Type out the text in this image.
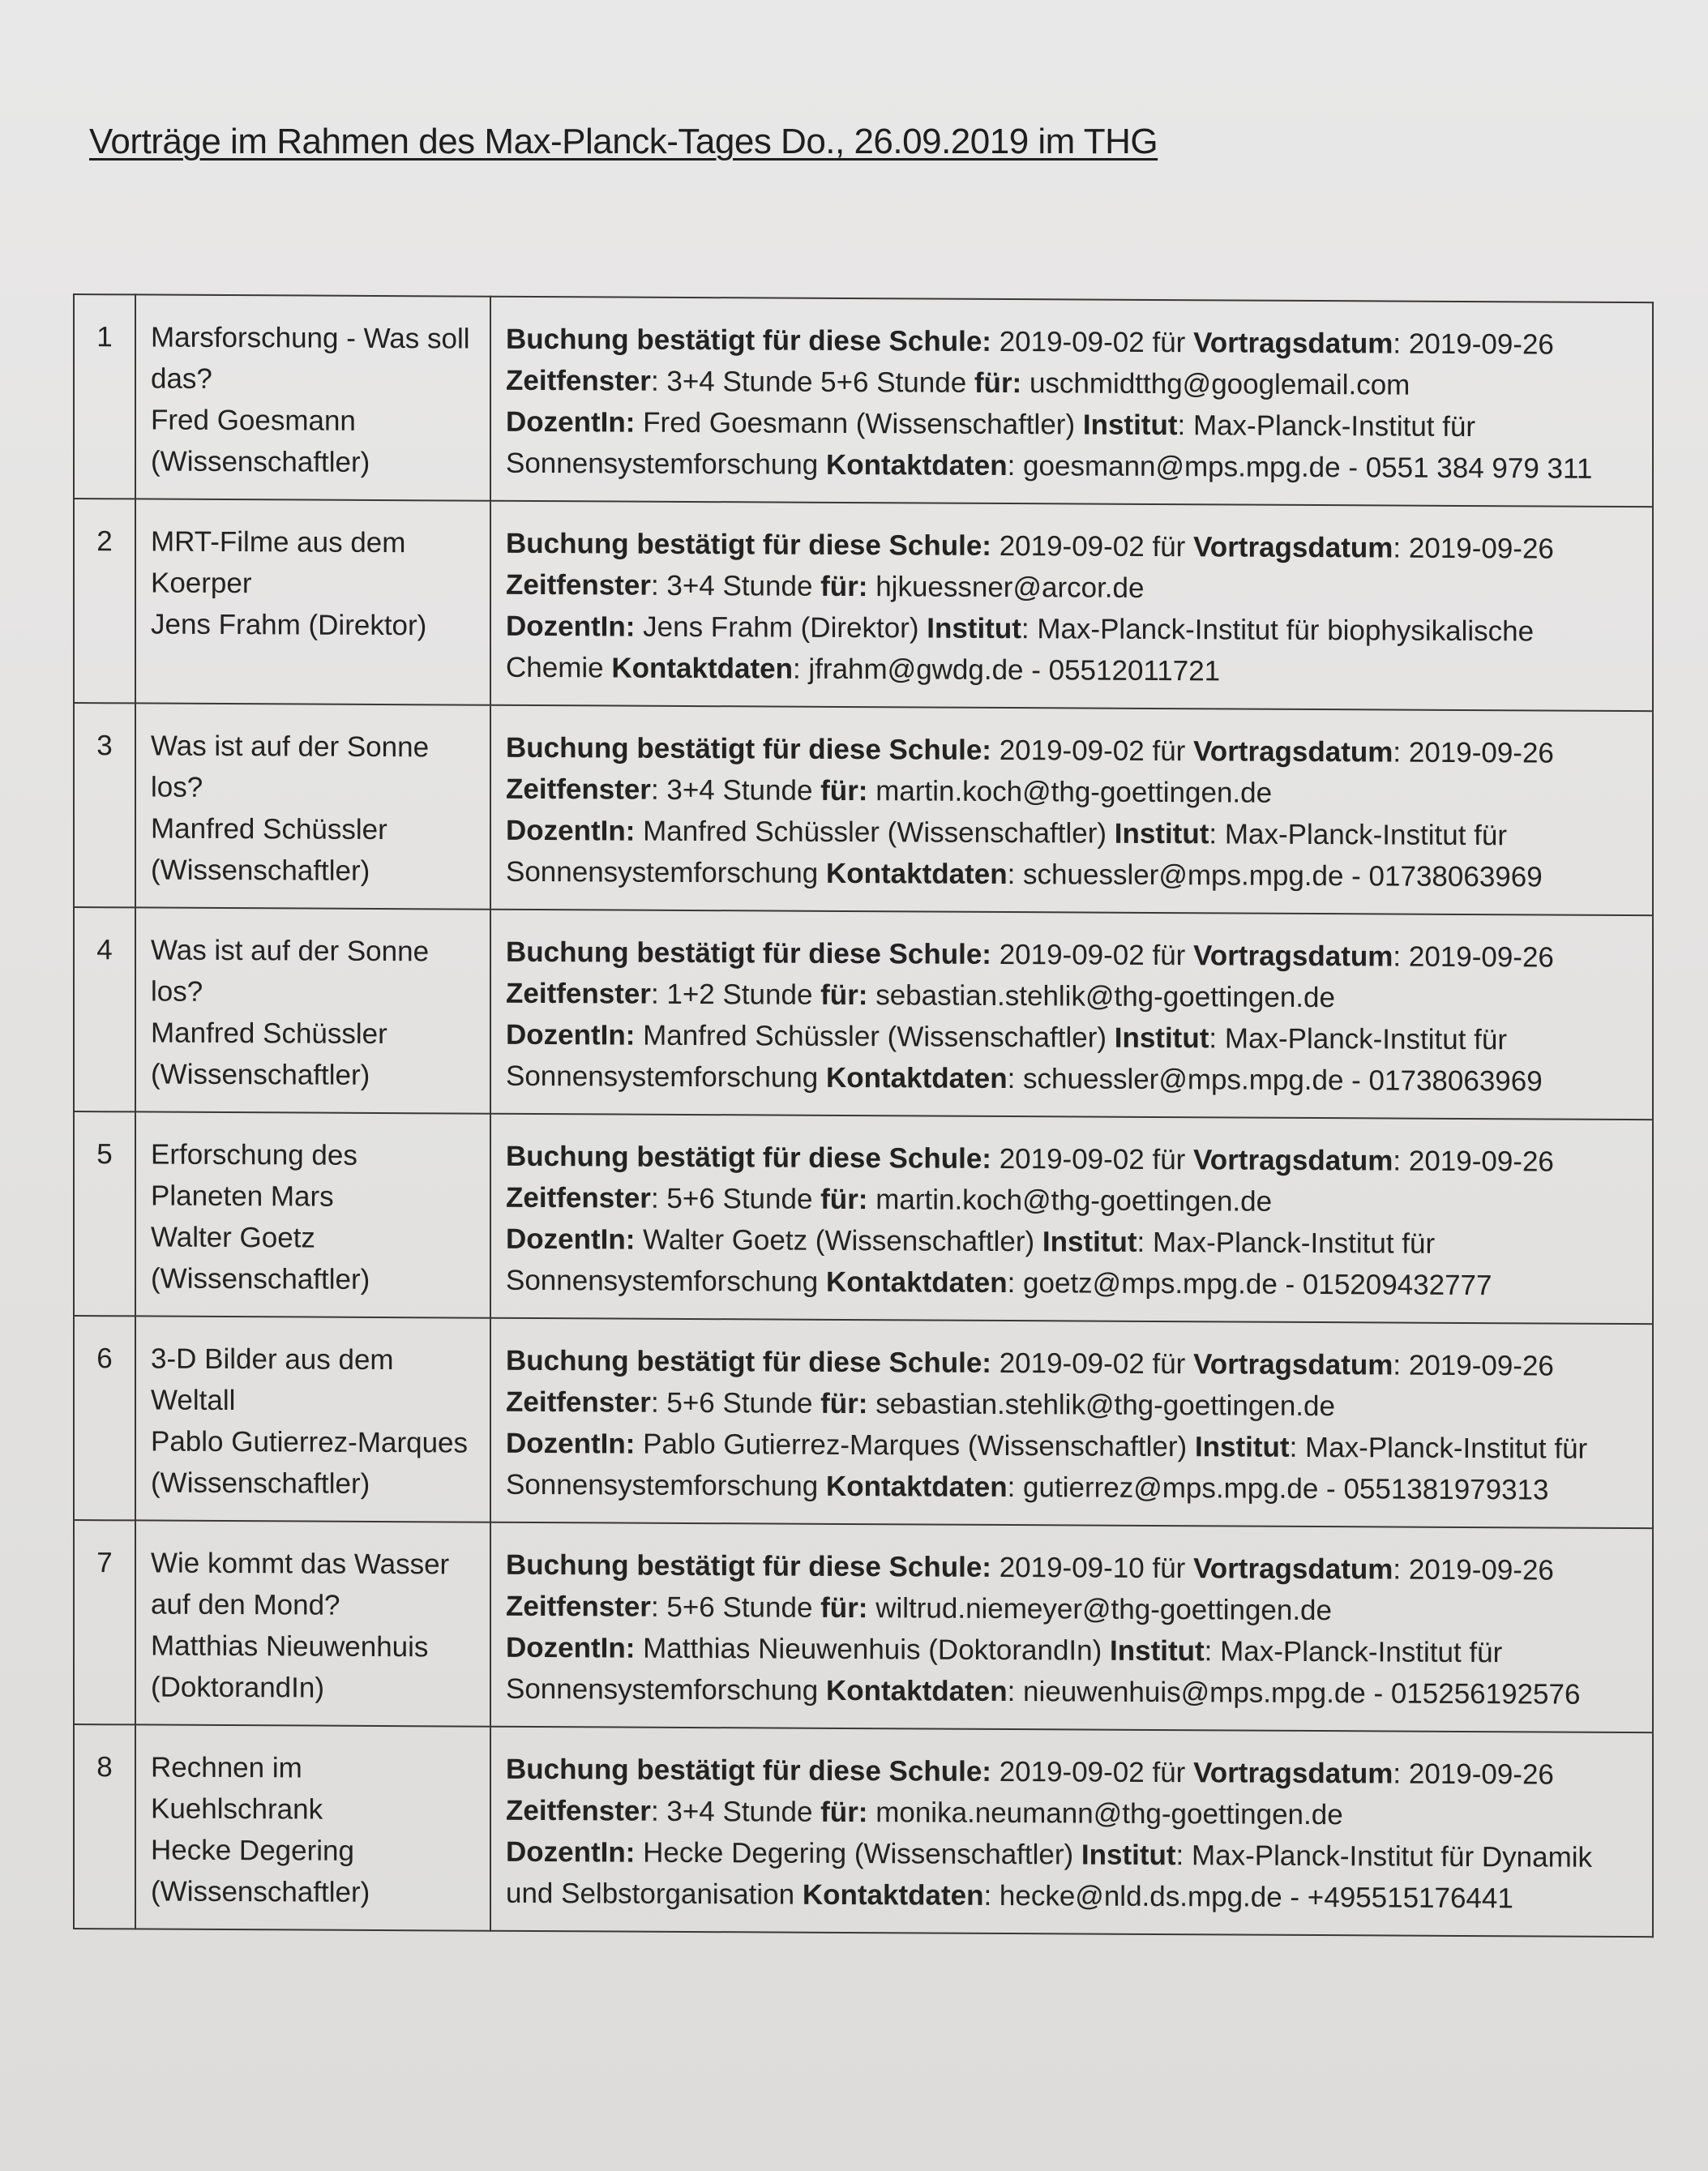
Vorträge im Rahmen des Max-Planck-Tages Do., 26.09.2019 im THG
1	Marsforschung - Was soll das?
Fred Goesmann (Wissenschaftler)	Buchung bestätigt für diese Schule: 2019-09-02 für Vortragsdatum: 2019-09-26
Zeitfenster: 3+4 Stunde 5+6 Stunde für: uschmidtthg@googlemail.com
DozentIn: Fred Goesmann (Wissenschaftler) Institut: Max-Planck-Institut für Sonnensystemforschung Kontaktdaten: goesmann@mps.mpg.de - 0551 384 979 311
2	MRT-Filme aus dem Koerper
Jens Frahm (Direktor)	Buchung bestätigt für diese Schule: 2019-09-02 für Vortragsdatum: 2019-09-26
Zeitfenster: 3+4 Stunde für: hjkuessner@arcor.de
DozentIn: Jens Frahm (Direktor) Institut: Max-Planck-Institut für biophysikalische Chemie Kontaktdaten: jfrahm@gwdg.de - 05512011721
3	Was ist auf der Sonne los?
Manfred Schüssler (Wissenschaftler)	Buchung bestätigt für diese Schule: 2019-09-02 für Vortragsdatum: 2019-09-26
Zeitfenster: 3+4 Stunde für: martin.koch@thg-goettingen.de
DozentIn: Manfred Schüssler (Wissenschaftler) Institut: Max-Planck-Institut für Sonnensystemforschung Kontaktdaten: schuessler@mps.mpg.de - 01738063969
4	Was ist auf der Sonne los?
Manfred Schüssler (Wissenschaftler)	Buchung bestätigt für diese Schule: 2019-09-02 für Vortragsdatum: 2019-09-26
Zeitfenster: 1+2 Stunde für: sebastian.stehlik@thg-goettingen.de
DozentIn: Manfred Schüssler (Wissenschaftler) Institut: Max-Planck-Institut für Sonnensystemforschung Kontaktdaten: schuessler@mps.mpg.de - 01738063969
5	Erforschung des Planeten Mars
Walter Goetz (Wissenschaftler)	Buchung bestätigt für diese Schule: 2019-09-02 für Vortragsdatum: 2019-09-26
Zeitfenster: 5+6 Stunde für: martin.koch@thg-goettingen.de
DozentIn: Walter Goetz (Wissenschaftler) Institut: Max-Planck-Institut für Sonnensystemforschung Kontaktdaten: goetz@mps.mpg.de - 015209432777
6	3-D Bilder aus dem Weltall
Pablo Gutierrez-Marques (Wissenschaftler)	Buchung bestätigt für diese Schule: 2019-09-02 für Vortragsdatum: 2019-09-26
Zeitfenster: 5+6 Stunde für: sebastian.stehlik@thg-goettingen.de
DozentIn: Pablo Gutierrez-Marques (Wissenschaftler) Institut: Max-Planck-Institut für Sonnensystemforschung Kontaktdaten: gutierrez@mps.mpg.de - 0551381979313
7	Wie kommt das Wasser auf den Mond?
Matthias Nieuwenhuis (DoktorandIn)	Buchung bestätigt für diese Schule: 2019-09-10 für Vortragsdatum: 2019-09-26
Zeitfenster: 5+6 Stunde für: wiltrud.niemeyer@thg-goettingen.de
DozentIn: Matthias Nieuwenhuis (DoktorandIn) Institut: Max-Planck-Institut für Sonnensystemforschung Kontaktdaten: nieuwenhuis@mps.mpg.de - 015256192576
8	Rechnen im Kuehlschrank
Hecke Degering (Wissenschaftler)	Buchung bestätigt für diese Schule: 2019-09-02 für Vortragsdatum: 2019-09-26
Zeitfenster: 3+4 Stunde für: monika.neumann@thg-goettingen.de
DozentIn: Hecke Degering (Wissenschaftler) Institut: Max-Planck-Institut für Dynamik und Selbstorganisation Kontaktdaten: hecke@nld.ds.mpg.de - +495515176441
